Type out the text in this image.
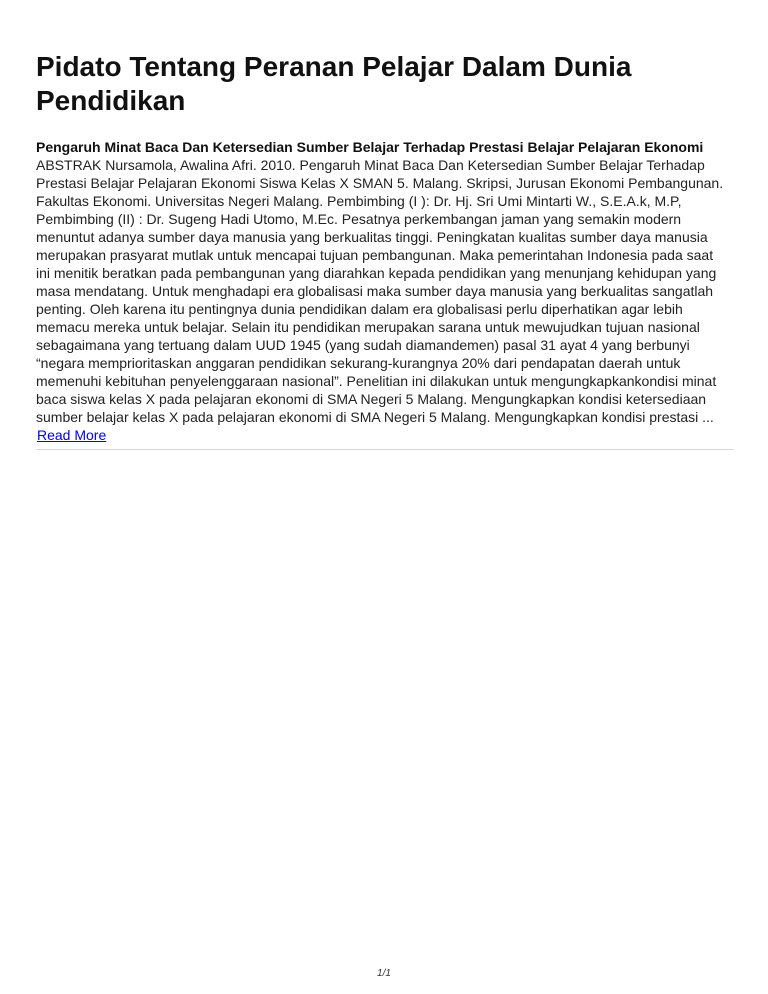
Pidato Tentang Peranan Pelajar Dalam Dunia Pendidikan
Pengaruh Minat Baca Dan Ketersedian Sumber Belajar Terhadap Prestasi Belajar Pelajaran Ekonomi

ABSTRAK Nursamola, Awalina Afri. 2010. Pengaruh Minat Baca Dan Ketersedian Sumber Belajar Terhadap Prestasi Belajar Pelajaran Ekonomi Siswa Kelas X SMAN 5. Malang. Skripsi, Jurusan Ekonomi Pembangunan. Fakultas Ekonomi. Universitas Negeri Malang. Pembimbing (I ): Dr. Hj. Sri Umi Mintarti W., S.E.A.k, M.P, Pembimbing (II) : Dr. Sugeng Hadi Utomo, M.Ec. Pesatnya perkembangan jaman yang semakin modern menuntut adanya sumber daya manusia yang berkualitas tinggi. Peningkatan kualitas sumber daya manusia merupakan prasyarat mutlak untuk mencapai tujuan pembangunan. Maka pemerintahan Indonesia pada saat ini menitik beratkan pada pembangunan yang diarahkan kepada pendidikan yang menunjang kehidupan yang masa mendatang. Untuk menghadapi era globalisasi maka sumber daya manusia yang berkualitas sangatlah penting. Oleh karena itu pentingnya dunia pendidikan dalam era globalisasi perlu diperhatikan agar lebih memacu mereka untuk belajar. Selain itu pendidikan merupakan sarana untuk mewujudkan tujuan nasional sebagaimana yang tertuang dalam UUD 1945 (yang sudah diamandemen) pasal 31 ayat 4 yang berbunyi “negara memprioritaskan anggaran pendidikan sekurang-kurangnya 20% dari pendapatan daerah untuk memenuhi kebituhan penyelenggaraan nasional”. Penelitian ini dilakukan untuk mengungkapkankondisi minat baca siswa kelas X pada pelajaran ekonomi di SMA Negeri 5 Malang. Mengungkapkan kondisi ketersediaan sumber belajar kelas X pada pelajaran ekonomi di SMA Negeri 5 Malang. Mengungkapkan kondisi prestasi ...

Read More
1/1
